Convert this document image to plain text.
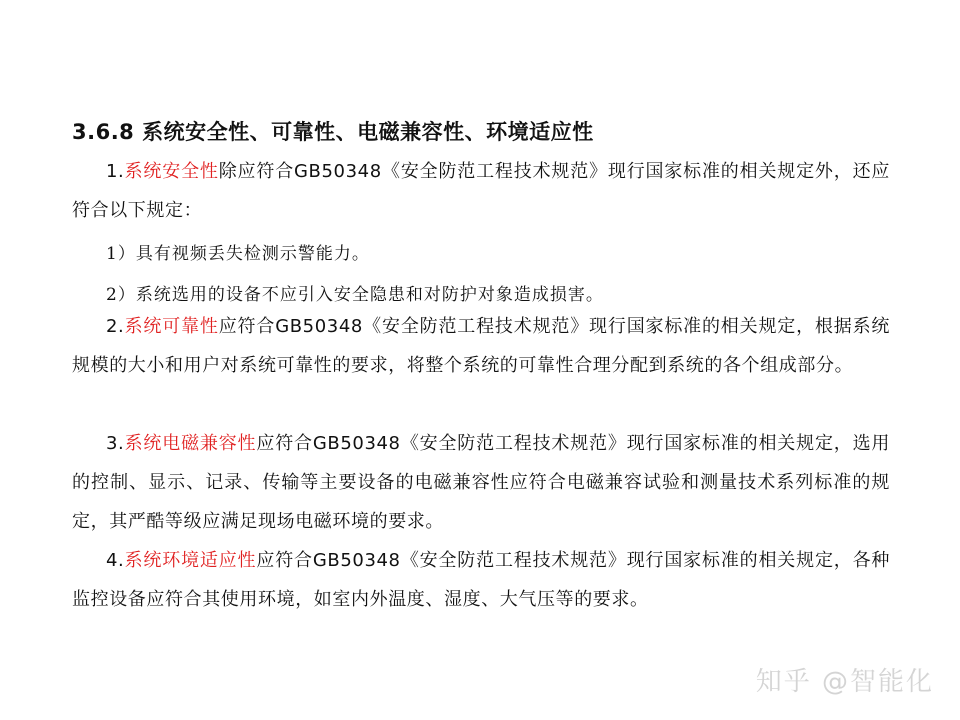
3.6.8 系统安全性、可靠性、电磁兼容性、环境适应性
1.系统安全性除应符合GB50348《安全防范工程技术规范》现行国家标准的相关规定外，还应符合以下规定：
1）具有视频丢失检测示警能力。
2）系统选用的设备不应引入安全隐患和对防护对象造成损害。
2.系统可靠性应符合GB50348《安全防范工程技术规范》现行国家标准的相关规定，根据系统规模的大小和用户对系统可靠性的要求，将整个系统的可靠性合理分配到系统的各个组成部分。
3.系统电磁兼容性应符合GB50348《安全防范工程技术规范》现行国家标准的相关规定，选用的控制、显示、记录、传输等主要设备的电磁兼容性应符合电磁兼容试验和测量技术系列标准的规定，其严酷等级应满足现场电磁环境的要求。
4.系统环境适应性应符合GB50348《安全防范工程技术规范》现行国家标准的相关规定，各种监控设备应符合其使用环境，如室内外温度、湿度、大气压等的要求。
知乎 @智能化
